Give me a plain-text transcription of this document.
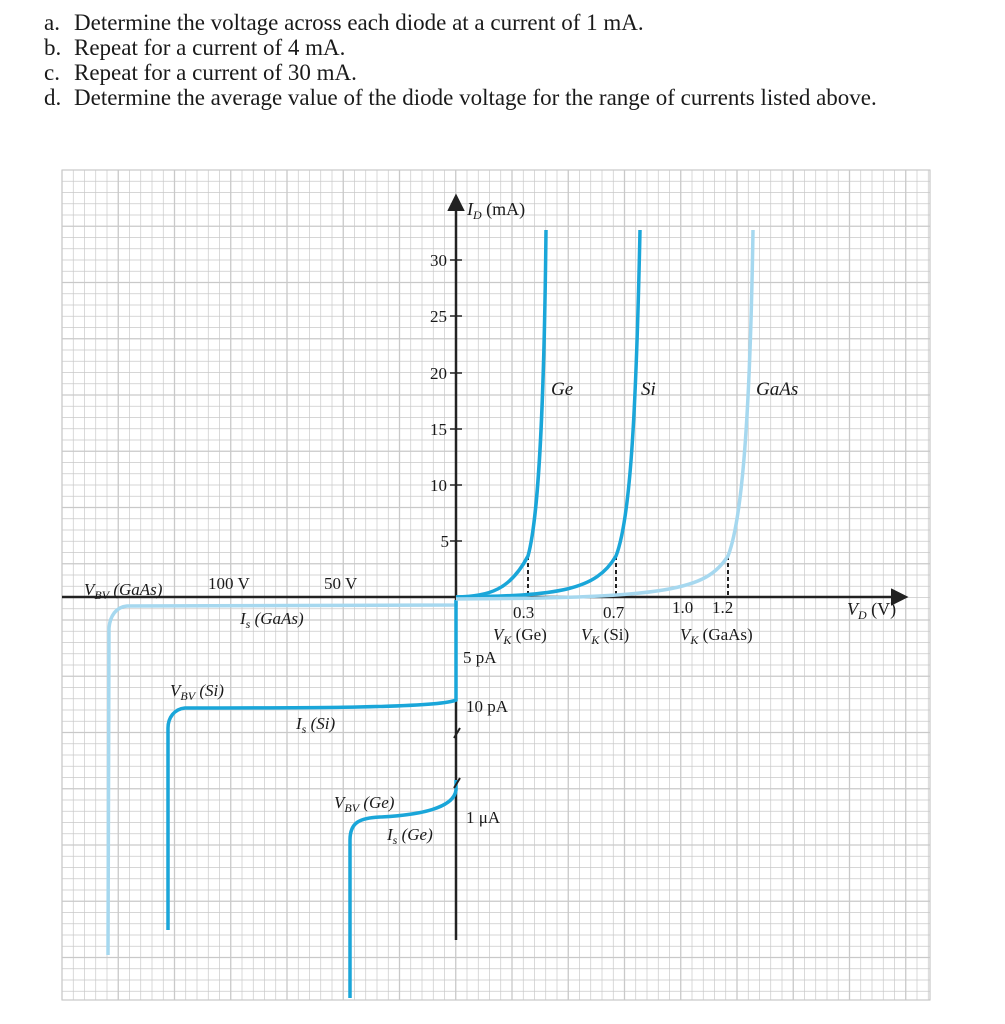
a. Determine the voltage across each diode at a current of 1 mA.
b. Repeat for a current of 4 mA.
c. Repeat for a current of 30 mA.
d. Determine the average value of the diode voltage for the range of currents listed above.
30
25
20
15
10
5
$I_D$ (mA)
$V_D$ (V)
100 V	50 V
0.3	0.7	1.0 1.2
$V_K$ (Ge) $V_K$ (Si)	$V_K$ (GaAs)
Ge	Si	GaAs
5 pA
10 pA
1 μA
$I_s$ (GaAs)
$I_s$ (Si)
$I_s$ (Ge)
$V_{BV}$ (GaAs)
$V_{BV}$ (Si)
$V_{BV}$ (Ge)
